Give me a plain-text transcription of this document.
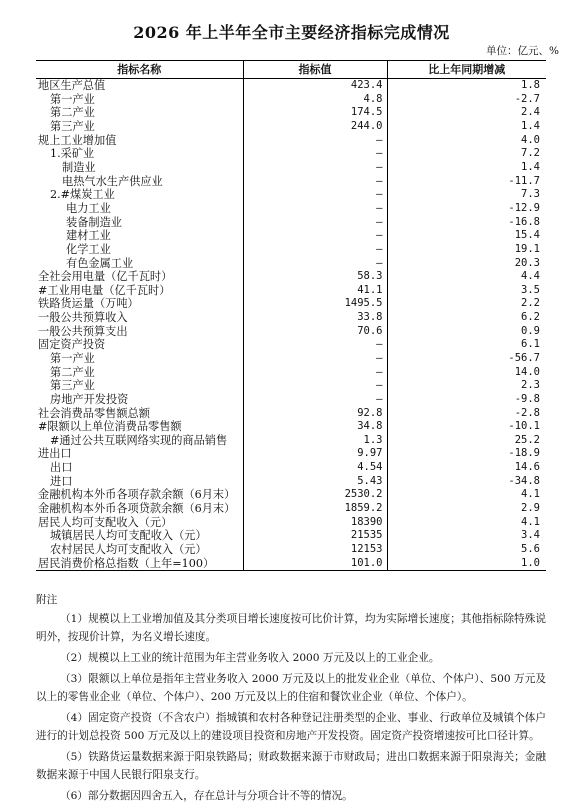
2026 年上半年全市主要经济指标完成情况
单位：亿元、%
指标名称	指标值	比上年同期增减
地区生产总值	423.4	1.8
第一产业	4.8	-2.7
第二产业	174.5	2.4
第三产业	244.0	1.4
规上工业增加值	—	4.0
1.采矿业	—	7.2
制造业	—	1.4
电热气水生产供应业	—	-11.7
2.#煤炭工业	—	7.3
电力工业	—	-12.9
装备制造业	—	-16.8
建材工业	—	15.4
化学工业	—	19.1
有色金属工业	—	20.3
全社会用电量（亿千瓦时）	58.3	4.4
#工业用电量（亿千瓦时）	41.1	3.5
铁路货运量（万吨）	1495.5	2.2
一般公共预算收入	33.8	6.2
一般公共预算支出	70.6	0.9
固定资产投资	—	6.1
第一产业	—	-56.7
第二产业	—	14.0
第三产业	—	2.3
房地产开发投资	—	-9.8
社会消费品零售额总额	92.8	-2.8
#限额以上单位消费品零售额	34.8	-10.1
#通过公共互联网络实现的商品销售	1.3	25.2
进出口	9.97	-18.9
出口	4.54	14.6
进口	5.43	-34.8
金融机构本外币各项存款余额（6月末）	2530.2	4.1
金融机构本外币各项贷款余额（6月末）	1859.2	2.9
居民人均可支配收入（元）	18390	4.1
城镇居民人均可支配收入（元）	21535	3.4
农村居民人均可支配收入（元）	12153	5.6
居民消费价格总指数（上年=100）	101.0	1.0

附注

（1）规模以上工业增加值及其分类项目增长速度按可比价计算，均为实际增长速度；其他指标除特殊说明外，按现价计算，为名义增长速度。

（2）规模以上工业的统计范围为年主营业务收入 2000 万元及以上的工业企业。

（3）限额以上单位是指年主营业务收入 2000 万元及以上的批发业企业（单位、个体户）、500 万元及以上的零售业企业（单位、个体户）、200 万元及以上的住宿和餐饮业企业（单位、个体户）。

（4）固定资产投资（不含农户）指城镇和农村各种登记注册类型的企业、事业、行政单位及城镇个体户进行的计划总投资 500 万元及以上的建设项目投资和房地产开发投资。固定资产投资增速按可比口径计算。

（5）铁路货运量数据来源于阳泉铁路局；财政数据来源于市财政局；进出口数据来源于阳泉海关；金融数据来源于中国人民银行阳泉支行。

（6）部分数据因四舍五入，存在总计与分项合计不等的情况。
